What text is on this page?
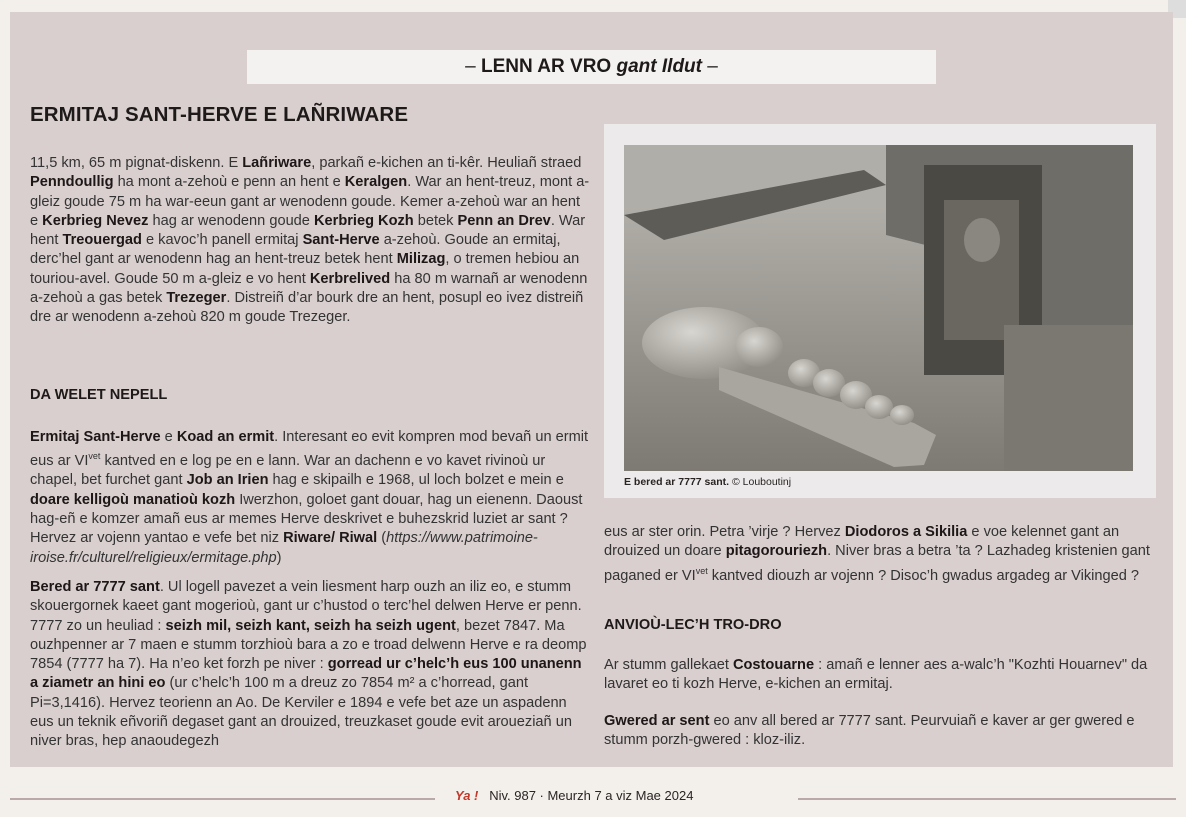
– LENN AR VRO gant Ildut –
ERMITAJ SANT-HERVE E LAÑRIWARE

11,5 km, 65 m pignat-diskenn. E Lañriware, parkañ e-kichen an ti-kêr. Heuliañ straed Penndoullig ha mont a-zehoù e penn an hent e Keralgen. War an hent-treuz, mont a-gleiz goude 75 m ha war-eeun gant ar wenodenn goude. Kemer a-zehoù war an hent e Kerbrieg Nevez hag ar wenodenn goude Kerbrieg Kozh betek Penn an Drev. War hent Treouergad e kavoc’h panell ermitaj Sant-Herve a-zehoù. Goude an ermitaj, derc’hel gant ar wenodenn hag an hent-treuz betek hent Milizag, o tremen hebiou an touriou-avel. Goude 50 m a-gleiz e vo hent Kerbrelived ha 80 m warnañ ar wenodenn a-zehoù a gas betek Trezeger. Distreiñ d’ar bourk dre an hent, posupl eo ivez distreiñ dre ar wenodenn a-zehoù 820 m goude Trezeger.

DA WELET NEPELL

Ermitaj Sant-Herve e Koad an ermit. Interesant eo evit kompren mod bevañ un ermit eus ar $VI^{vet}$ kantved en e log pe en e lann. War an dachenn e vo kavet rivinoù ur chapel, bet furchet gant Job an Irien hag e skipailh e 1968, ul loch bolzet e mein e doare kelligoù manatioù kozh Iwerzhon, goloet gant douar, hag un eienenn. Daoust hag-eñ e komzer amañ eus ar memes Herve deskrivet e buhezskrid luziet ar sant ? Hervez ar vojenn yantao e vefe bet niz Riware/ Riwal (https://www.patrimoine-iroise.fr/culturel/religieux/ermitage.php)

Bered ar 7777 sant. Ul logell pavezet a vein liesment harp ouzh an iliz eo, e stumm skouergornek kaeet gant mogerioù, gant ur c’hustod o terc’hel delwen Herve er penn. 7777 zo un heuliad : seizh mil, seizh kant, seizh ha seizh ugent, bezet 7847. Ma ouzhpenner ar 7 maen e stumm torzhioù bara a zo e troad delwenn Herve e ra deomp 7854 (7777 ha 7). Ha n’eo ket forzh pe niver : gorread ur c’helc’h eus 100 unanenn a ziametr an hini eo (ur c’helc’h 100 m a dreuz zo 7854 m² a c’horread, gant Pi=3,1416). Hervez teorienn an Ao. De Kerviler e 1894 e vefe bet aze un aspadenn eus un teknik eñvoriñ degaset gant an drouized, treuzkaset goude evit aroueziañ un niver bras, hep anaoudegezh

E bered ar 7777 sant. © Louboutinj

eus ar ster orin. Petra ’virje ? Hervez Diodoros a Sikilia e voe kelennet gant an drouized un doare pitagorouriezh. Niver bras a betra ’ta ? Lazhadeg kristenien gant paganed er $VI^{vet}$ kantved diouzh ar vojenn ? Disoc’h gwadus argadeg ar Vikinged ?

ANVIOÙ-LEC’H TRO-DRO

Ar stumm gallekaet Costouarne : amañ e lenner aes a-walc’h "Kozhti Houarnev" da lavaret eo ti kozh Herve, e-kichen an ermitaj.

Gwered ar sent eo anv all bered ar 7777 sant. Peurvuiañ e kaver ar ger gwered e stumm porzh-gwered : kloz-iliz.

Ya ! Niv. 987 · Meurzh 7 a viz Mae 2024
